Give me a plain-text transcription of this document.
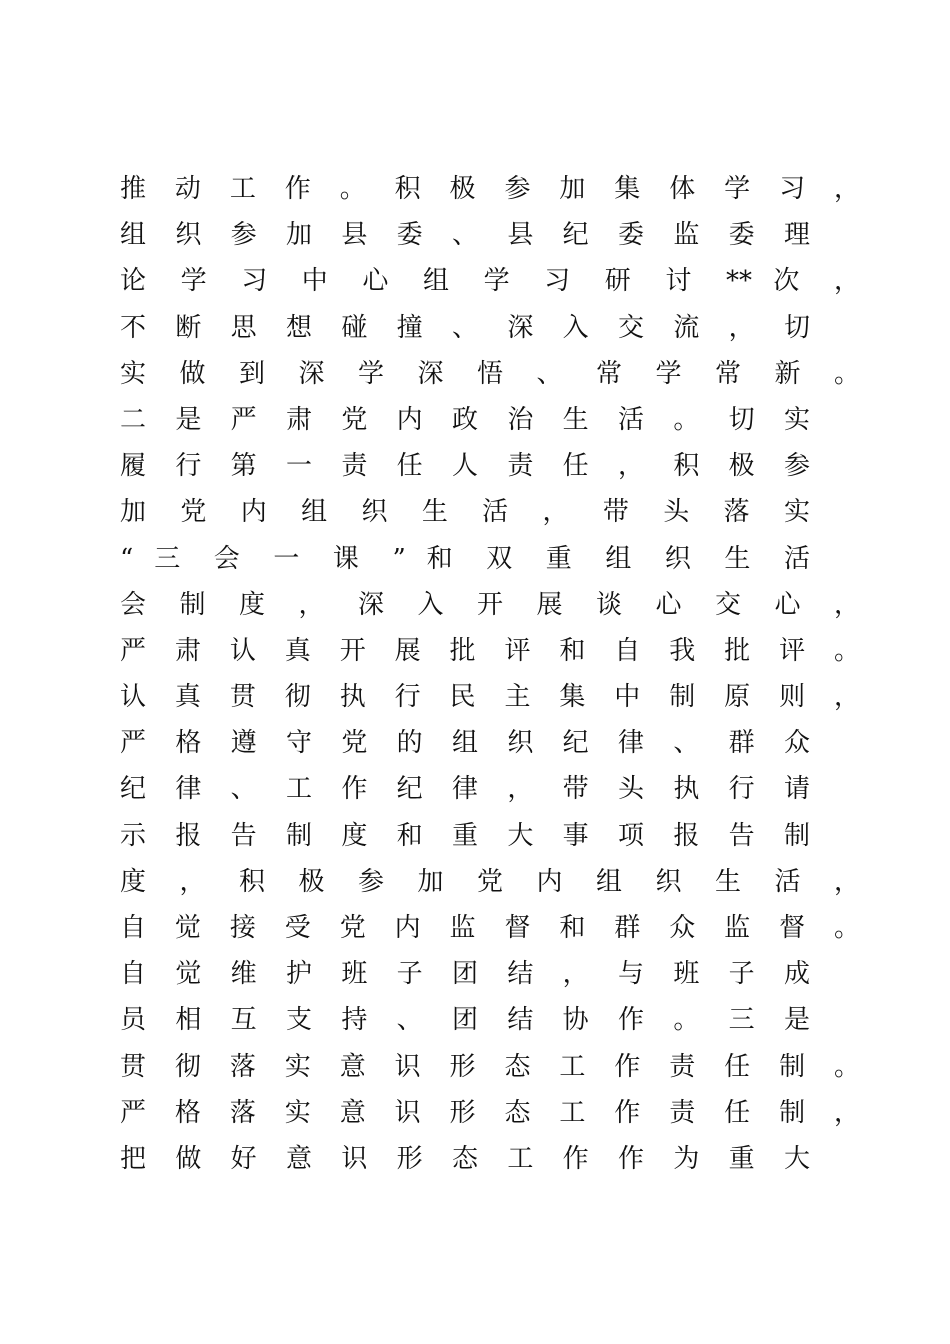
推 动 工 作 。 积 极 参 加 集 体 学 习 ，
组 织 参 加 县 委 、 县 纪 委 监 委 理
论 学 习 中 心 组 学 习 研 讨 ** 次 ，
不 断 思 想 碰 撞 、 深 入 交 流 ， 切
实 做 到 深 学 深 悟 、 常 学 常 新 。
二 是 严 肃 党 内 政 治 生 活 。 切 实
履 行 第 一 责 任 人 责 任 ， 积 极 参
加 党 内 组 织 生 活 ， 带 头 落 实
“ 三 会 一 课 ” 和 双 重 组 织 生 活
会 制 度 ， 深 入 开 展 谈 心 交 心 ，
严 肃 认 真 开 展 批 评 和 自 我 批 评 。
认 真 贯 彻 执 行 民 主 集 中 制 原 则 ，
严 格 遵 守 党 的 组 织 纪 律 、 群 众
纪 律 、 工 作 纪 律 ， 带 头 执 行 请
示 报 告 制 度 和 重 大 事 项 报 告 制
度 ， 积 极 参 加 党 内 组 织 生 活 ，
自 觉 接 受 党 内 监 督 和 群 众 监 督 。
自 觉 维 护 班 子 团 结 ， 与 班 子 成
员 相 互 支 持 、 团 结 协 作 。 三 是
贯 彻 落 实 意 识 形 态 工 作 责 任 制 。
严 格 落 实 意 识 形 态 工 作 责 任 制 ，
把 做 好 意 识 形 态 工 作 作 为 重 大
